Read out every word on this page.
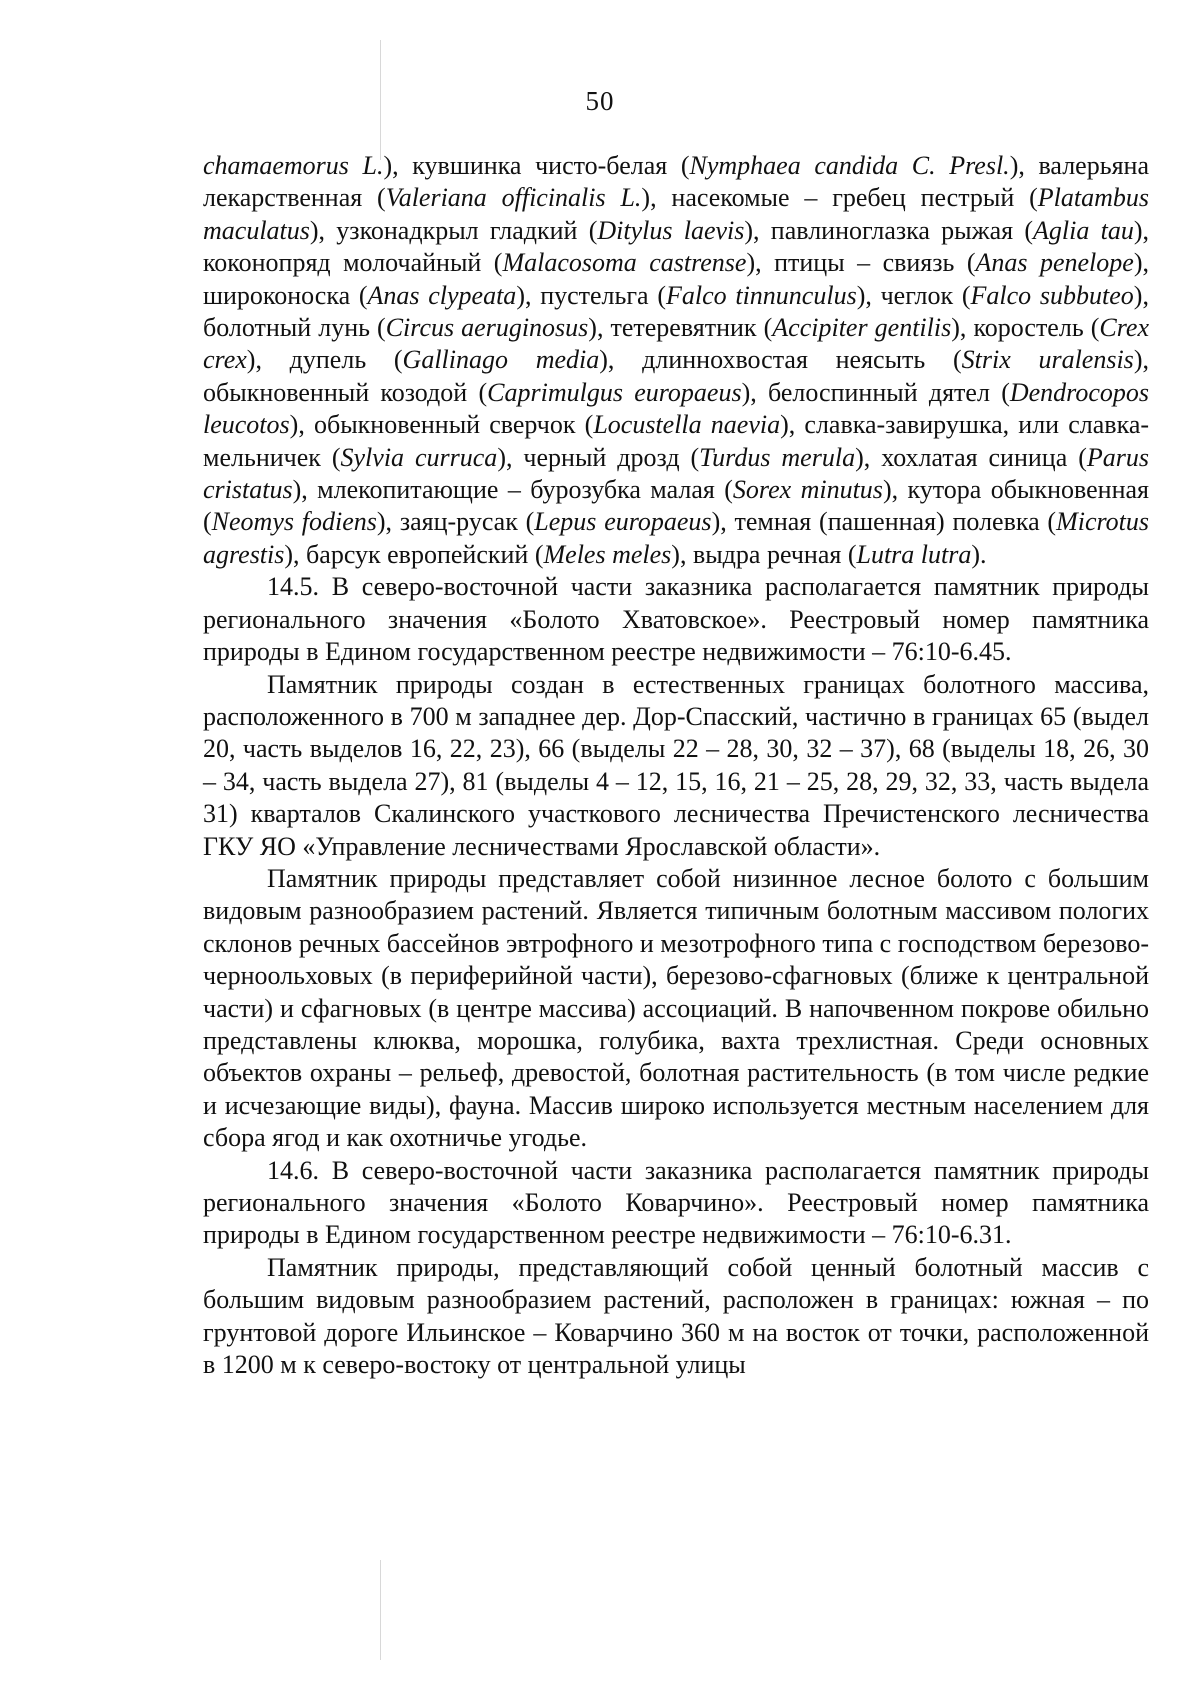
50

chamaemorus L.), кувшинка чисто-белая (Nymphaea candida C. Presl.), валерьяна лекарственная (Valeriana officinalis L.), насекомые – гребец пестрый (Platambus maculatus), узконадкрыл гладкий (Ditylus laevis), павлиноглазка рыжая (Aglia tau), коконопряд молочайный (Malacosoma castrense), птицы – свиязь (Anas penelope), широконоска (Anas clypeata), пустельга (Falco tinnunculus), чеглок (Falco subbuteo), болотный лунь (Circus aeruginosus), тетеревятник (Accipiter gentilis), коростель (Crex crex), дупель (Gallinago media), длиннохвостая неясыть (Strix uralensis), обыкновенный козодой (Caprimulgus europaeus), белоспинный дятел (Dendrocopos leucotos), обыкновенный сверчок (Locustella naevia), славка-завирушка, или славка-мельничек (Sylvia curruca), черный дрозд (Turdus merula), хохлатая синица (Parus cristatus), млекопитающие – бурозубка малая (Sorex minutus), кутора обыкновенная (Neomys fodiens), заяц-русак (Lepus europaeus), темная (пашенная) полевка (Microtus agrestis), барсук европейский (Meles meles), выдра речная (Lutra lutra).

14.5. В северо-восточной части заказника располагается памятник природы регионального значения «Болото Хватовское». Реестровый номер памятника природы в Едином государственном реестре недвижимости – 76:10-6.45.

Памятник природы создан в естественных границах болотного массива, расположенного в 700 м западнее дер. Дор-Спасский, частично в границах 65 (выдел 20, часть выделов 16, 22, 23), 66 (выделы 22 – 28, 30, 32 – 37), 68 (выделы 18, 26, 30 – 34, часть выдела 27), 81 (выделы 4 – 12, 15, 16, 21 – 25, 28, 29, 32, 33, часть выдела 31) кварталов Скалинского участкового лесничества Пречистенского лесничества ГКУ ЯО «Управление лесничествами Ярославской области».

Памятник природы представляет собой низинное лесное болото с большим видовым разнообразием растений. Является типичным болотным массивом пологих склонов речных бассейнов эвтрофного и мезотрофного типа с господством березово-черноольховых (в периферийной части), березово-сфагновых (ближе к центральной части) и сфагновых (в центре массива) ассоциаций. В напочвенном покрове обильно представлены клюква, морошка, голубика, вахта трехлистная. Среди основных объектов охраны – рельеф, древостой, болотная растительность (в том числе редкие и исчезающие виды), фауна. Массив широко используется местным населением для сбора ягод и как охотничье угодье.

14.6. В северо-восточной части заказника располагается памятник природы регионального значения «Болото Коварчино». Реестровый номер памятника природы в Едином государственном реестре недвижимости – 76:10-6.31.

Памятник природы, представляющий собой ценный болотный массив с большим видовым разнообразием растений, расположен в границах: южная – по грунтовой дороге Ильинское – Коварчино 360 м на восток от точки, расположенной в 1200 м к северо-востоку от центральной улицы
